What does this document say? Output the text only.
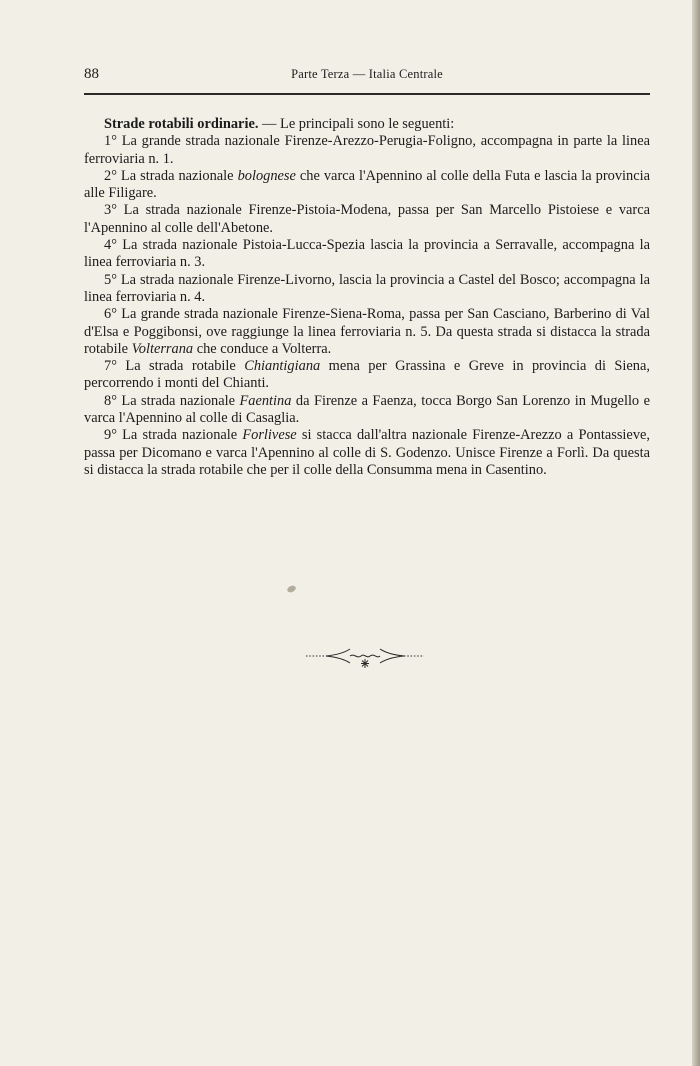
88	Parte Terza — Italia Centrale

Strade rotabili ordinarie. — Le principali sono le seguenti:

1° La grande strada nazionale Firenze-Arezzo-Perugia-Foligno, accompagna in parte la linea ferroviaria n. 1.

2° La strada nazionale bolognese che varca l'Apennino al colle della Futa e lascia la provincia alle Filigare.

3° La strada nazionale Firenze-Pistoia-Modena, passa per San Marcello Pistoiese e varca l'Apennino al colle dell'Abetone.

4° La strada nazionale Pistoia-Lucca-Spezia lascia la provincia a Serravalle, accompagna la linea ferroviaria n. 3.

5° La strada nazionale Firenze-Livorno, lascia la provincia a Castel del Bosco; accompagna la linea ferroviaria n. 4.

6° La grande strada nazionale Firenze-Siena-Roma, passa per San Casciano, Barberino di Val d'Elsa e Poggibonsi, ove raggiunge la linea ferroviaria n. 5. Da questa strada si distacca la strada rotabile Volterrana che conduce a Volterra.

7° La strada rotabile Chiantigiana mena per Grassina e Greve in provincia di Siena, percorrendo i monti del Chianti.

8° La strada nazionale Faentina da Firenze a Faenza, tocca Borgo San Lorenzo in Mugello e varca l'Apennino al colle di Casaglia.

9° La strada nazionale Forlivese si stacca dall'altra nazionale Firenze-Arezzo a Pontassieve, passa per Dicomano e varca l'Apennino al colle di S. Godenzo. Unisce Firenze a Forlì. Da questa si distacca la strada rotabile che per il colle della Consumma mena in Casentino.
